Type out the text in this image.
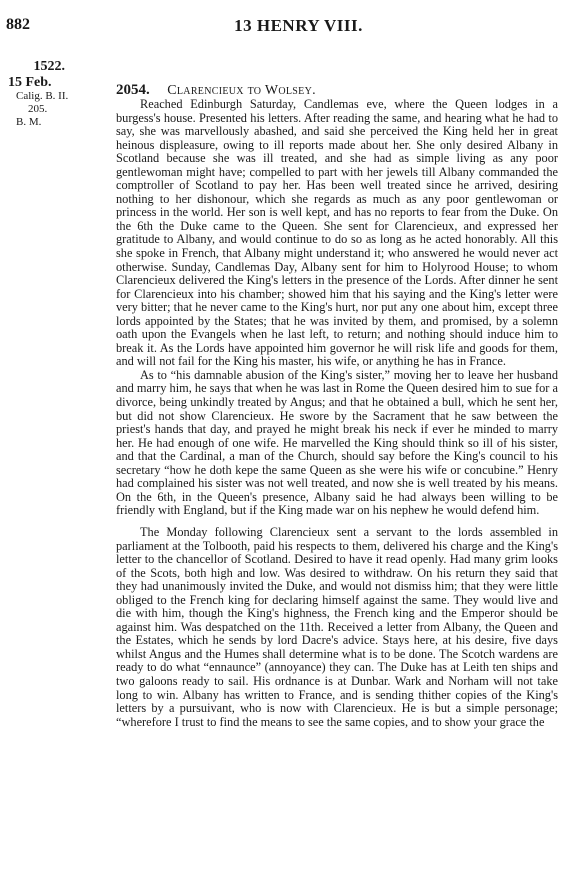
882	13 HENRY VIII.
1522.
15 Feb.
Calig. B. II.
205.
B. M.
2054. Clarencieux to Wolsey.

Reached Edinburgh Saturday, Candlemas eve, where the Queen lodges in a burgess's house. Presented his letters. After reading the same, and hearing what he had to say, she was marvellously abashed, and said she perceived the King held her in great heinous displeasure, owing to ill reports made about her. She only desired Albany in Scotland because she was ill treated, and she had as simple living as any poor gentlewoman might have; compelled to part with her jewels till Albany commanded the comptroller of Scotland to pay her. Has been well treated since he arrived, desiring nothing to her dishonour, which she regards as much as any poor gentlewoman or princess in the world. Her son is well kept, and has no reports to fear from the Duke. On the 6th the Duke came to the Queen. She sent for Clarencieux, and expressed her gratitude to Albany, and would continue to do so as long as he acted honorably. All this she spoke in French, that Albany might understand it; who answered he would never act otherwise. Sunday, Candlemas Day, Albany sent for him to Holyrood House; to whom Clarencieux delivered the King's letters in the presence of the Lords. After dinner he sent for Clarencieux into his chamber; showed him that his saying and the King's letter were very bitter; that he never came to the King's hurt, nor put any one about him, except three lords appointed by the States; that he was invited by them, and promised, by a solemn oath upon the Evangels when he last left, to return; and nothing should induce him to break it. As the Lords have appointed him governor he will risk life and goods for them, and will not fail for the King his master, his wife, or anything he has in France.

As to “his damnable abusion of the King's sister,” moving her to leave her husband and marry him, he says that when he was last in Rome the Queen desired him to sue for a divorce, being unkindly treated by Angus; and that he obtained a bull, which he sent her, but did not show Clarencieux. He swore by the Sacrament that he saw between the priest's hands that day, and prayed he might break his neck if ever he minded to marry her. He had enough of one wife. He marvelled the King should think so ill of his sister, and that the Cardinal, a man of the Church, should say before the King's council to his secretary “how he doth kepe the same Queen as she were his wife or concubine.” Henry had complained his sister was not well treated, and now she is well treated by his means. On the 6th, in the Queen's presence, Albany said he had always been willing to be friendly with England, but if the King made war on his nephew he would defend him.

The Monday following Clarencieux sent a servant to the lords assembled in parliament at the Tolbooth, paid his respects to them, delivered his charge and the King's letter to the chancellor of Scotland. Desired to have it read openly. Had many grim looks of the Scots, both high and low. Was desired to withdraw. On his return they said that they had unanimously invited the Duke, and would not dismiss him; that they were little obliged to the French king for declaring himself against the same. They would live and die with him, though the King's highness, the French king and the Emperor should be against him. Was despatched on the 11th. Received a letter from Albany, the Queen and the Estates, which he sends by lord Dacre's advice. Stays here, at his desire, five days whilst Angus and the Humes shall determine what is to be done. The Scotch wardens are ready to do what “ennaunce” (annoyance) they can. The Duke has at Leith ten ships and two galoons ready to sail. His ordnance is at Dunbar. Wark and Norham will not take long to win. Albany has written to France, and is sending thither copies of the King's letters by a pursuivant, who is now with Clarencieux. He is but a simple personage; “wherefore I trust to find the means to see the same copies, and to show your grace the
